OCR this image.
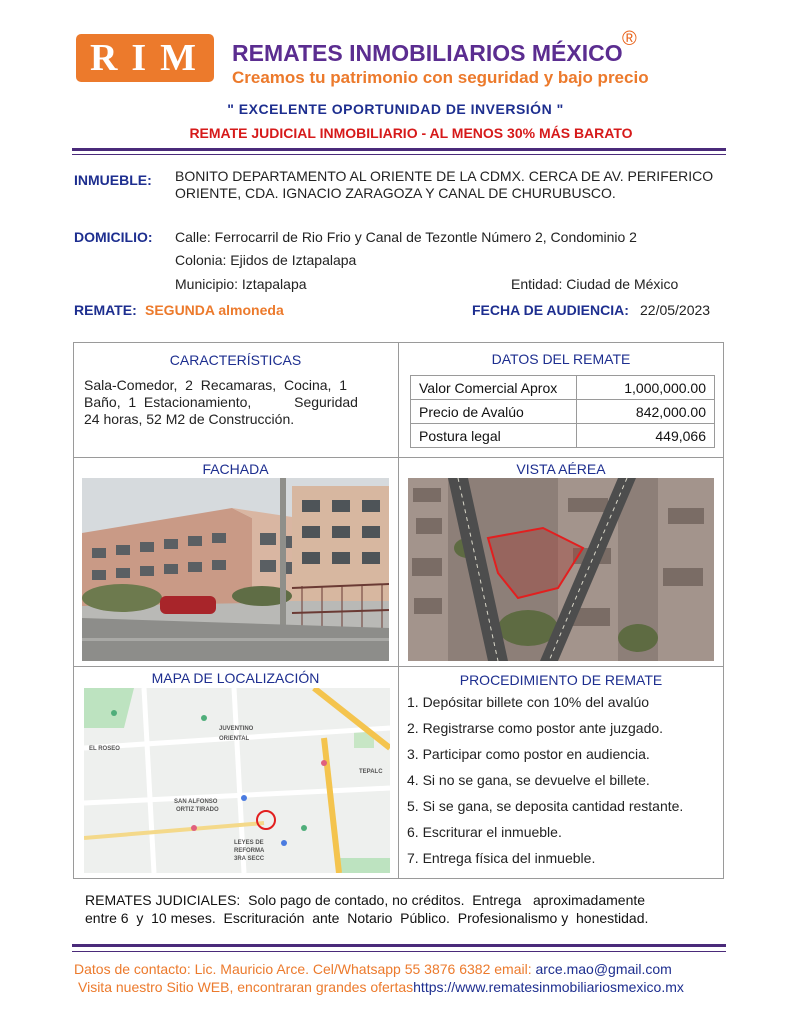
RIM REMATES INMOBILIARIOS MÉXICO
®
Creamos tu patrimonio con seguridad y bajo precio
" EXCELENTE OPORTUNIDAD DE INVERSIÓN "
REMATE JUDICIAL INMOBILIARIO - AL MENOS 30% MÁS BARATO
INMUEBLE: BONITO DEPARTAMENTO AL ORIENTE DE LA CDMX. CERCA DE AV. PERIFERICO ORIENTE, CDA. IGNACIO ZARAGOZA Y CANAL DE CHURUBUSCO.
DOMICILIO: Calle: Ferrocarril de Rio Frio y Canal de Tezontle Número 2, Condominio 2
Colonia: Ejidos de Iztapalapa
Municipio: Iztapalapa	Entidad: Ciudad de México
REMATE: SEGUNDA almoneda	FECHA DE AUDIENCIA: 22/05/2023
CARACTERÍSTICAS
Sala-Comedor,  2  Recamaras,  Cocina,  1
Baño,  1  Estacionamiento,           Seguridad
24 horas, 52 M2 de Construcción.
DATOS DEL REMATE
Valor Comercial Aprox	1,000,000.00
Precio de Avalúo	842,000.00
Postura legal	449,066
FACHADA	VISTA AÉREA
MAPA DE LOCALIZACIÓN
EL ROSEO
JUVENTINO
ORIENTAL
TEPALC
SAN ALFONSO
ORTIZ TIRADO
LEYES DE
REFORMA
3RA SECC
PROCEDIMIENTO DE REMATE
1. Depósitar billete con 10% del avalúo
2. Registrarse como postor ante juzgado.
3. Participar como postor en audiencia.
4. Si no se gana, se devuelve el billete.
5. Si se gana, se deposita cantidad restante.
6. Escriturar el inmueble.
7. Entrega física del inmueble.
REMATES JUDICIALES:  Solo pago de contado, no créditos.  Entrega   aproximadamente
entre 6  y  10 meses.  Escrituración  ante  Notario  Público.  Profesionalismo y  honestidad.
Datos de contacto: Lic. Mauricio Arce. Cel/Whatsapp 55 3876 6382 email: arce.mao@gmail.com
Visita nuestro Sitio WEB, encontraran grandes ofertashttps://www.rematesinmobiliariosmexico.mx
